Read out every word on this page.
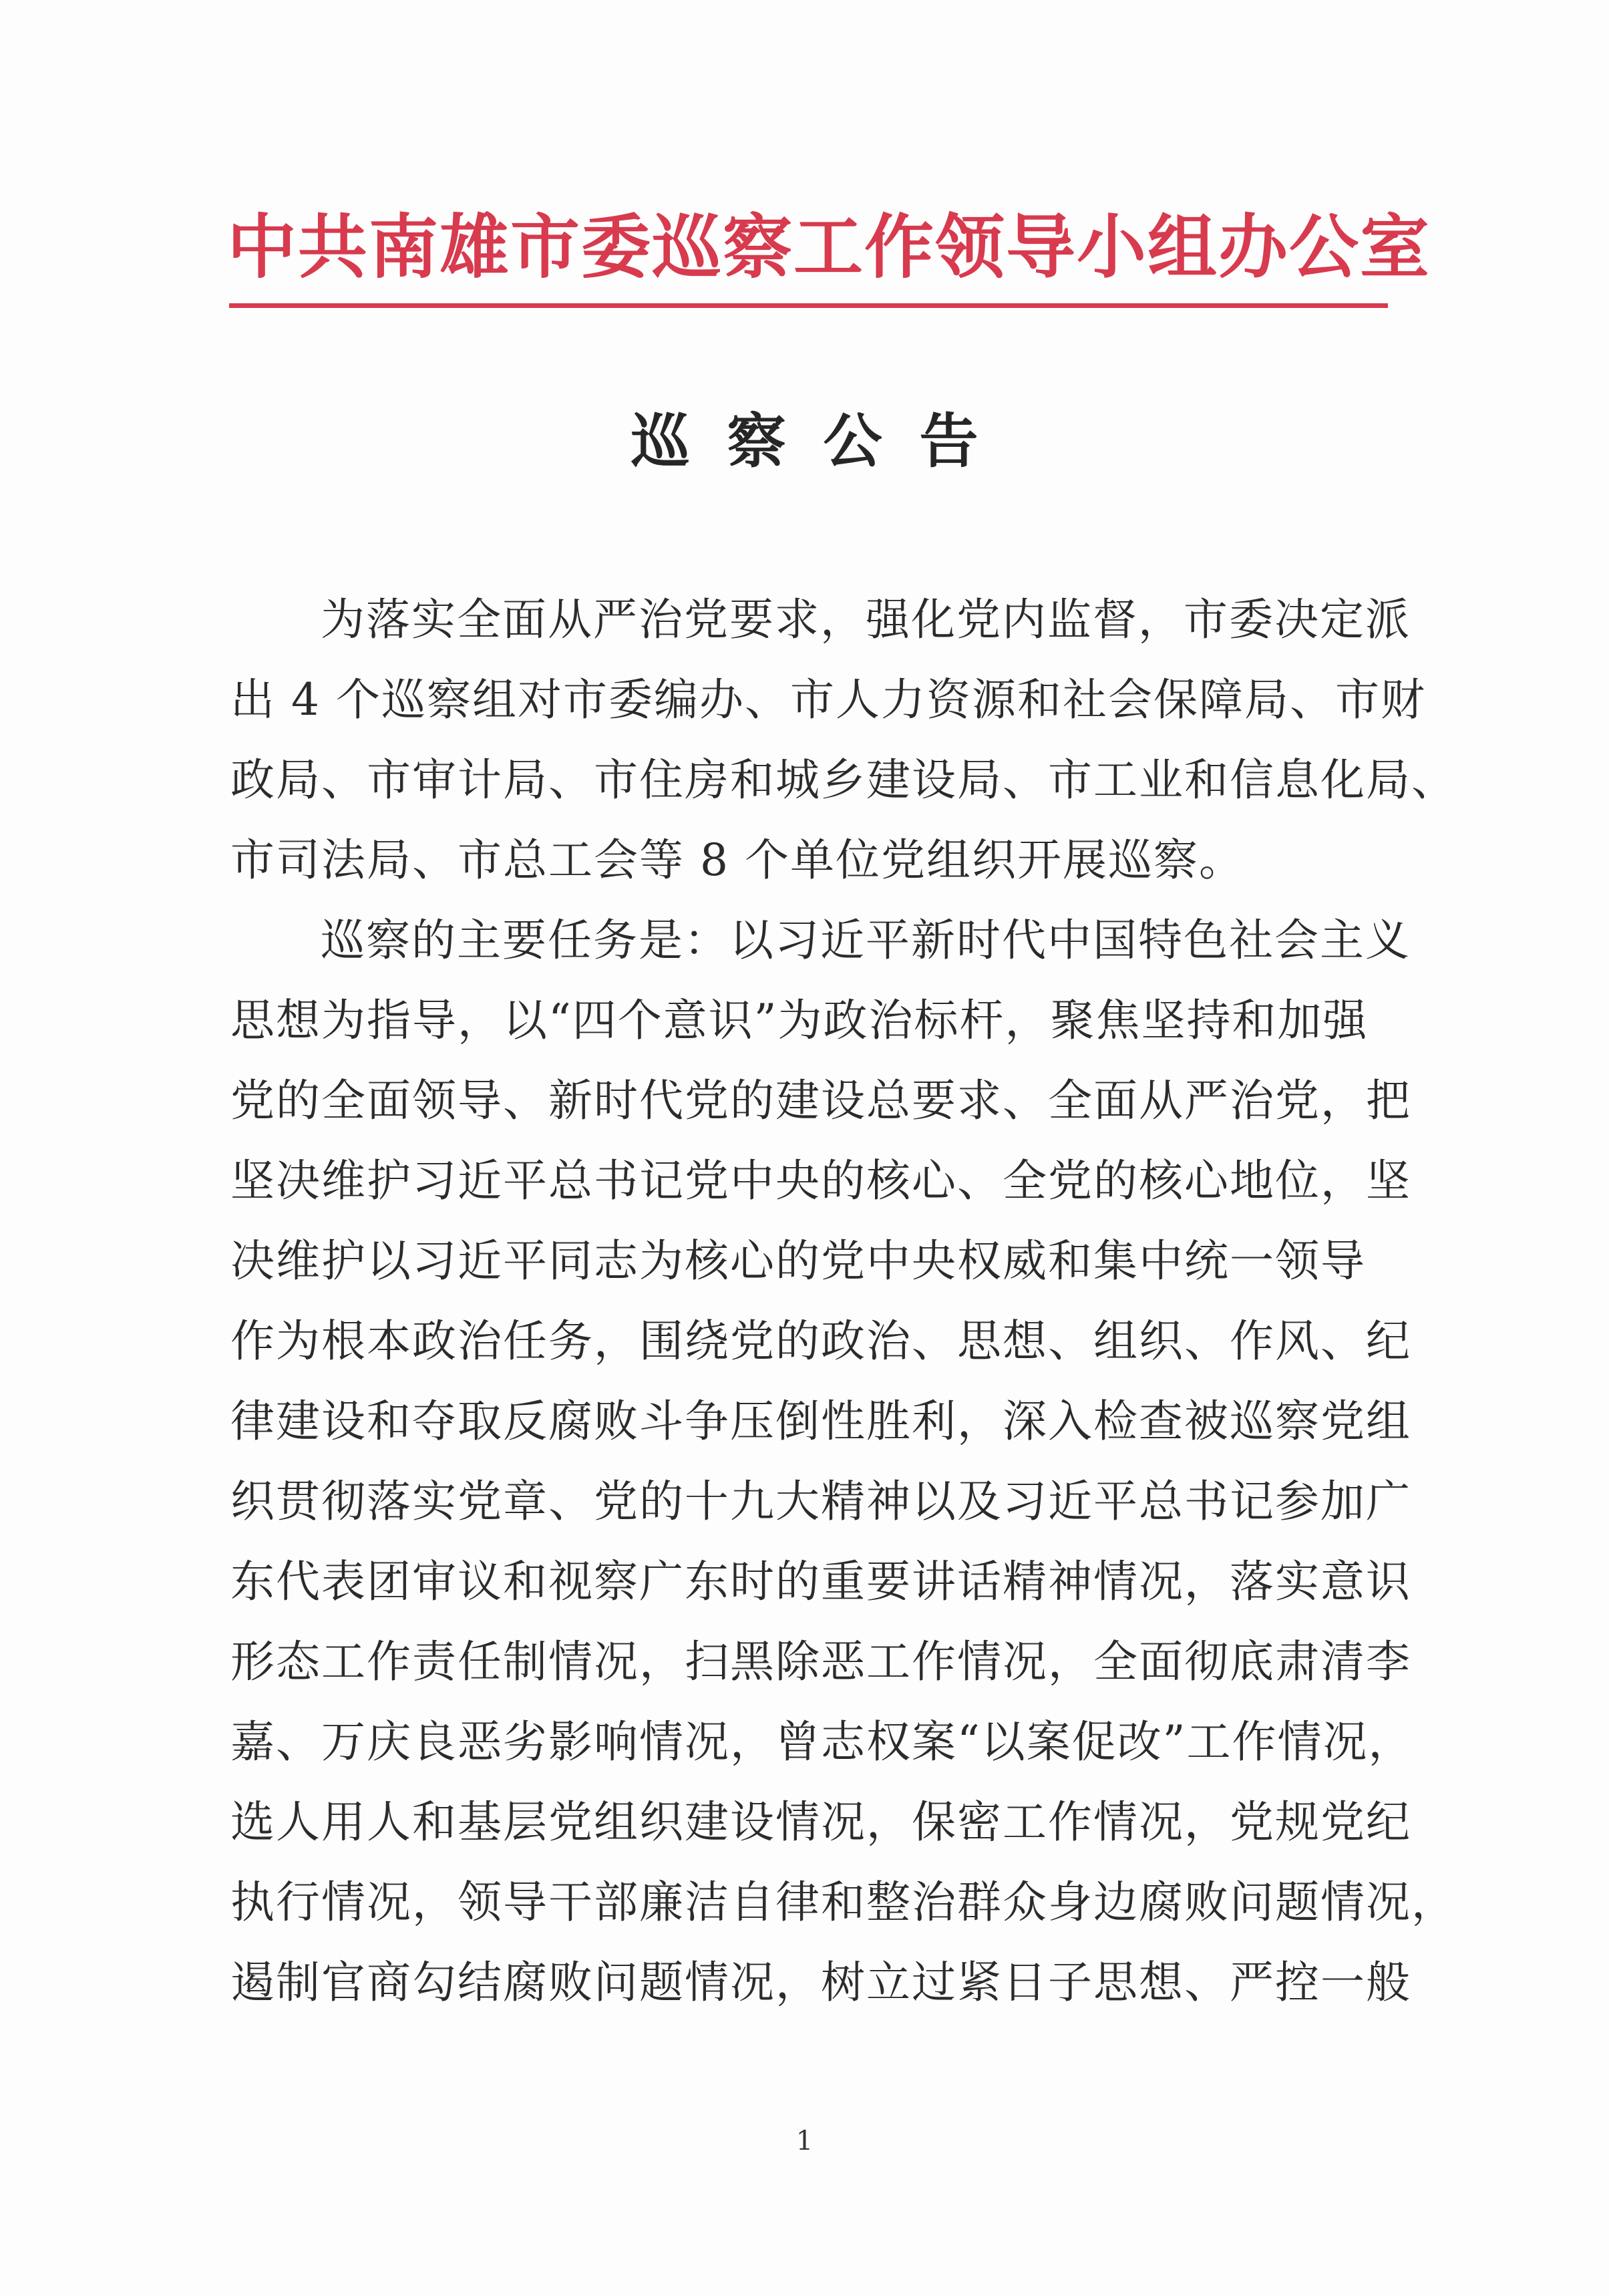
中共南雄市委巡察工作领导小组办公室
巡察公告
为落实全面从严治党要求，强化党内监督，市委决定派
出 4 个巡察组对市委编办、市人力资源和社会保障局、市财
政局、市审计局、市住房和城乡建设局、市工业和信息化局、
市司法局、市总工会等 8 个单位党组织开展巡察。
巡察的主要任务是：以习近平新时代中国特色社会主义
思想为指导，以“四个意识”为政治标杆，聚焦坚持和加强
党的全面领导、新时代党的建设总要求、全面从严治党，把
坚决维护习近平总书记党中央的核心、全党的核心地位，坚
决维护以习近平同志为核心的党中央权威和集中统一领导
作为根本政治任务，围绕党的政治、思想、组织、作风、纪
律建设和夺取反腐败斗争压倒性胜利，深入检查被巡察党组
织贯彻落实党章、党的十九大精神以及习近平总书记参加广
东代表团审议和视察广东时的重要讲话精神情况，落实意识
形态工作责任制情况，扫黑除恶工作情况，全面彻底肃清李
嘉、万庆良恶劣影响情况，曾志权案“以案促改”工作情况，
选人用人和基层党组织建设情况，保密工作情况，党规党纪
执行情况，领导干部廉洁自律和整治群众身边腐败问题情况，
遏制官商勾结腐败问题情况，树立过紧日子思想、严控一般
1
